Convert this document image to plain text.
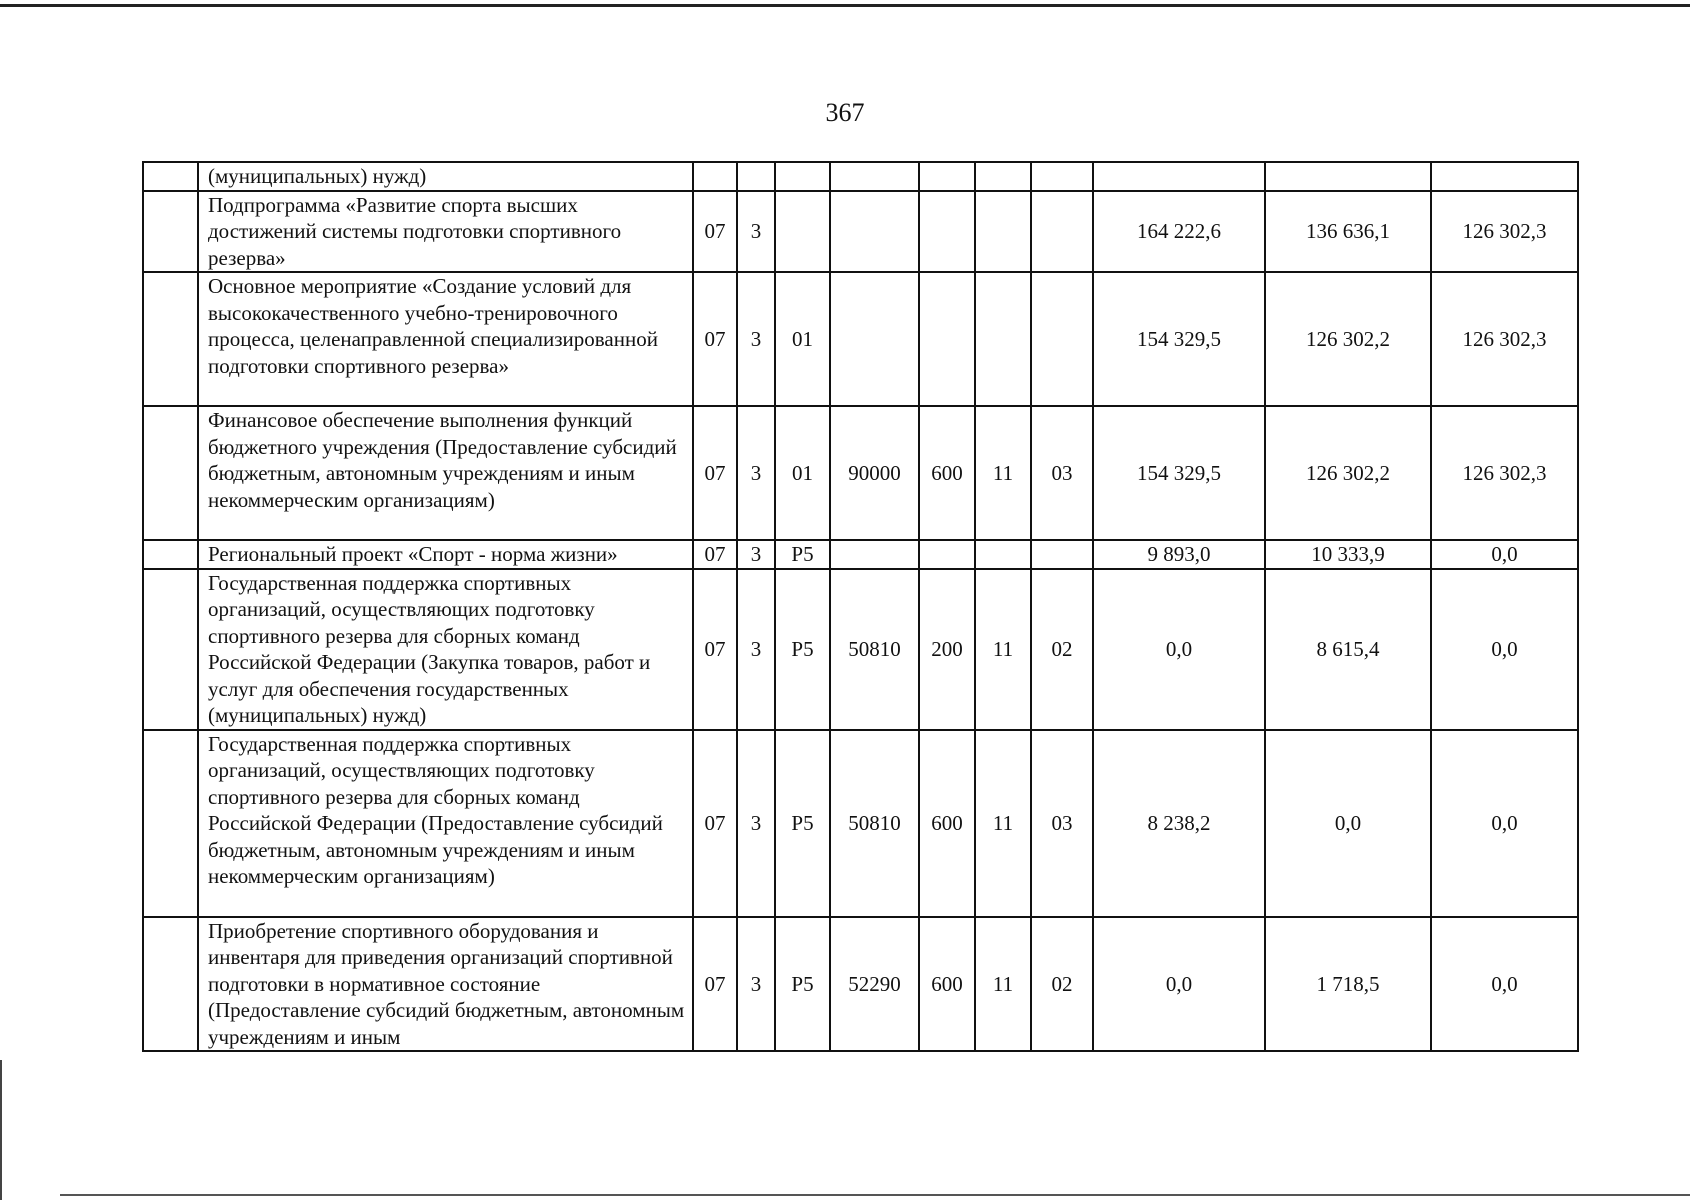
367
	(муниципальных) нужд)										
	Подпрограмма «Развитие спорта высших достижений системы подготовки спортивного резерва»	07	3						164 222,6	136 636,1	126 302,3
	Основное мероприятие «Создание условий для высококачественного учебно-тренировочного процесса, целенаправленной специализированной подготовки спортивного резерва»	07	3	01					154 329,5	126 302,2	126 302,3
	Финансовое обеспечение выполнения функций бюджетного учреждения (Предоставление субсидий бюджетным, автономным учреждениям и иным некоммерческим организациям)	07	3	01	90000	600	11	03	154 329,5	126 302,2	126 302,3
	Региональный проект «Спорт - норма жизни»	07	3	P5					9 893,0	10 333,9	0,0
	Государственная поддержка спортивных организаций, осуществляющих подготовку спортивного резерва для сборных команд Российской Федерации (Закупка товаров, работ и услуг для обеспечения государственных (муниципальных) нужд)	07	3	P5	50810	200	11	02	0,0	8 615,4	0,0
	Государственная поддержка спортивных организаций, осуществляющих подготовку спортивного резерва для сборных команд Российской Федерации (Предоставление субсидий бюджетным, автономным учреждениям и иным некоммерческим организациям)	07	3	P5	50810	600	11	03	8 238,2	0,0	0,0
	Приобретение спортивного оборудования и инвентаря для приведения организаций спортивной подготовки в нормативное состояние (Предоставление субсидий бюджетным, автономным учреждениям и иным	07	3	P5	52290	600	11	02	0,0	1 718,5	0,0
